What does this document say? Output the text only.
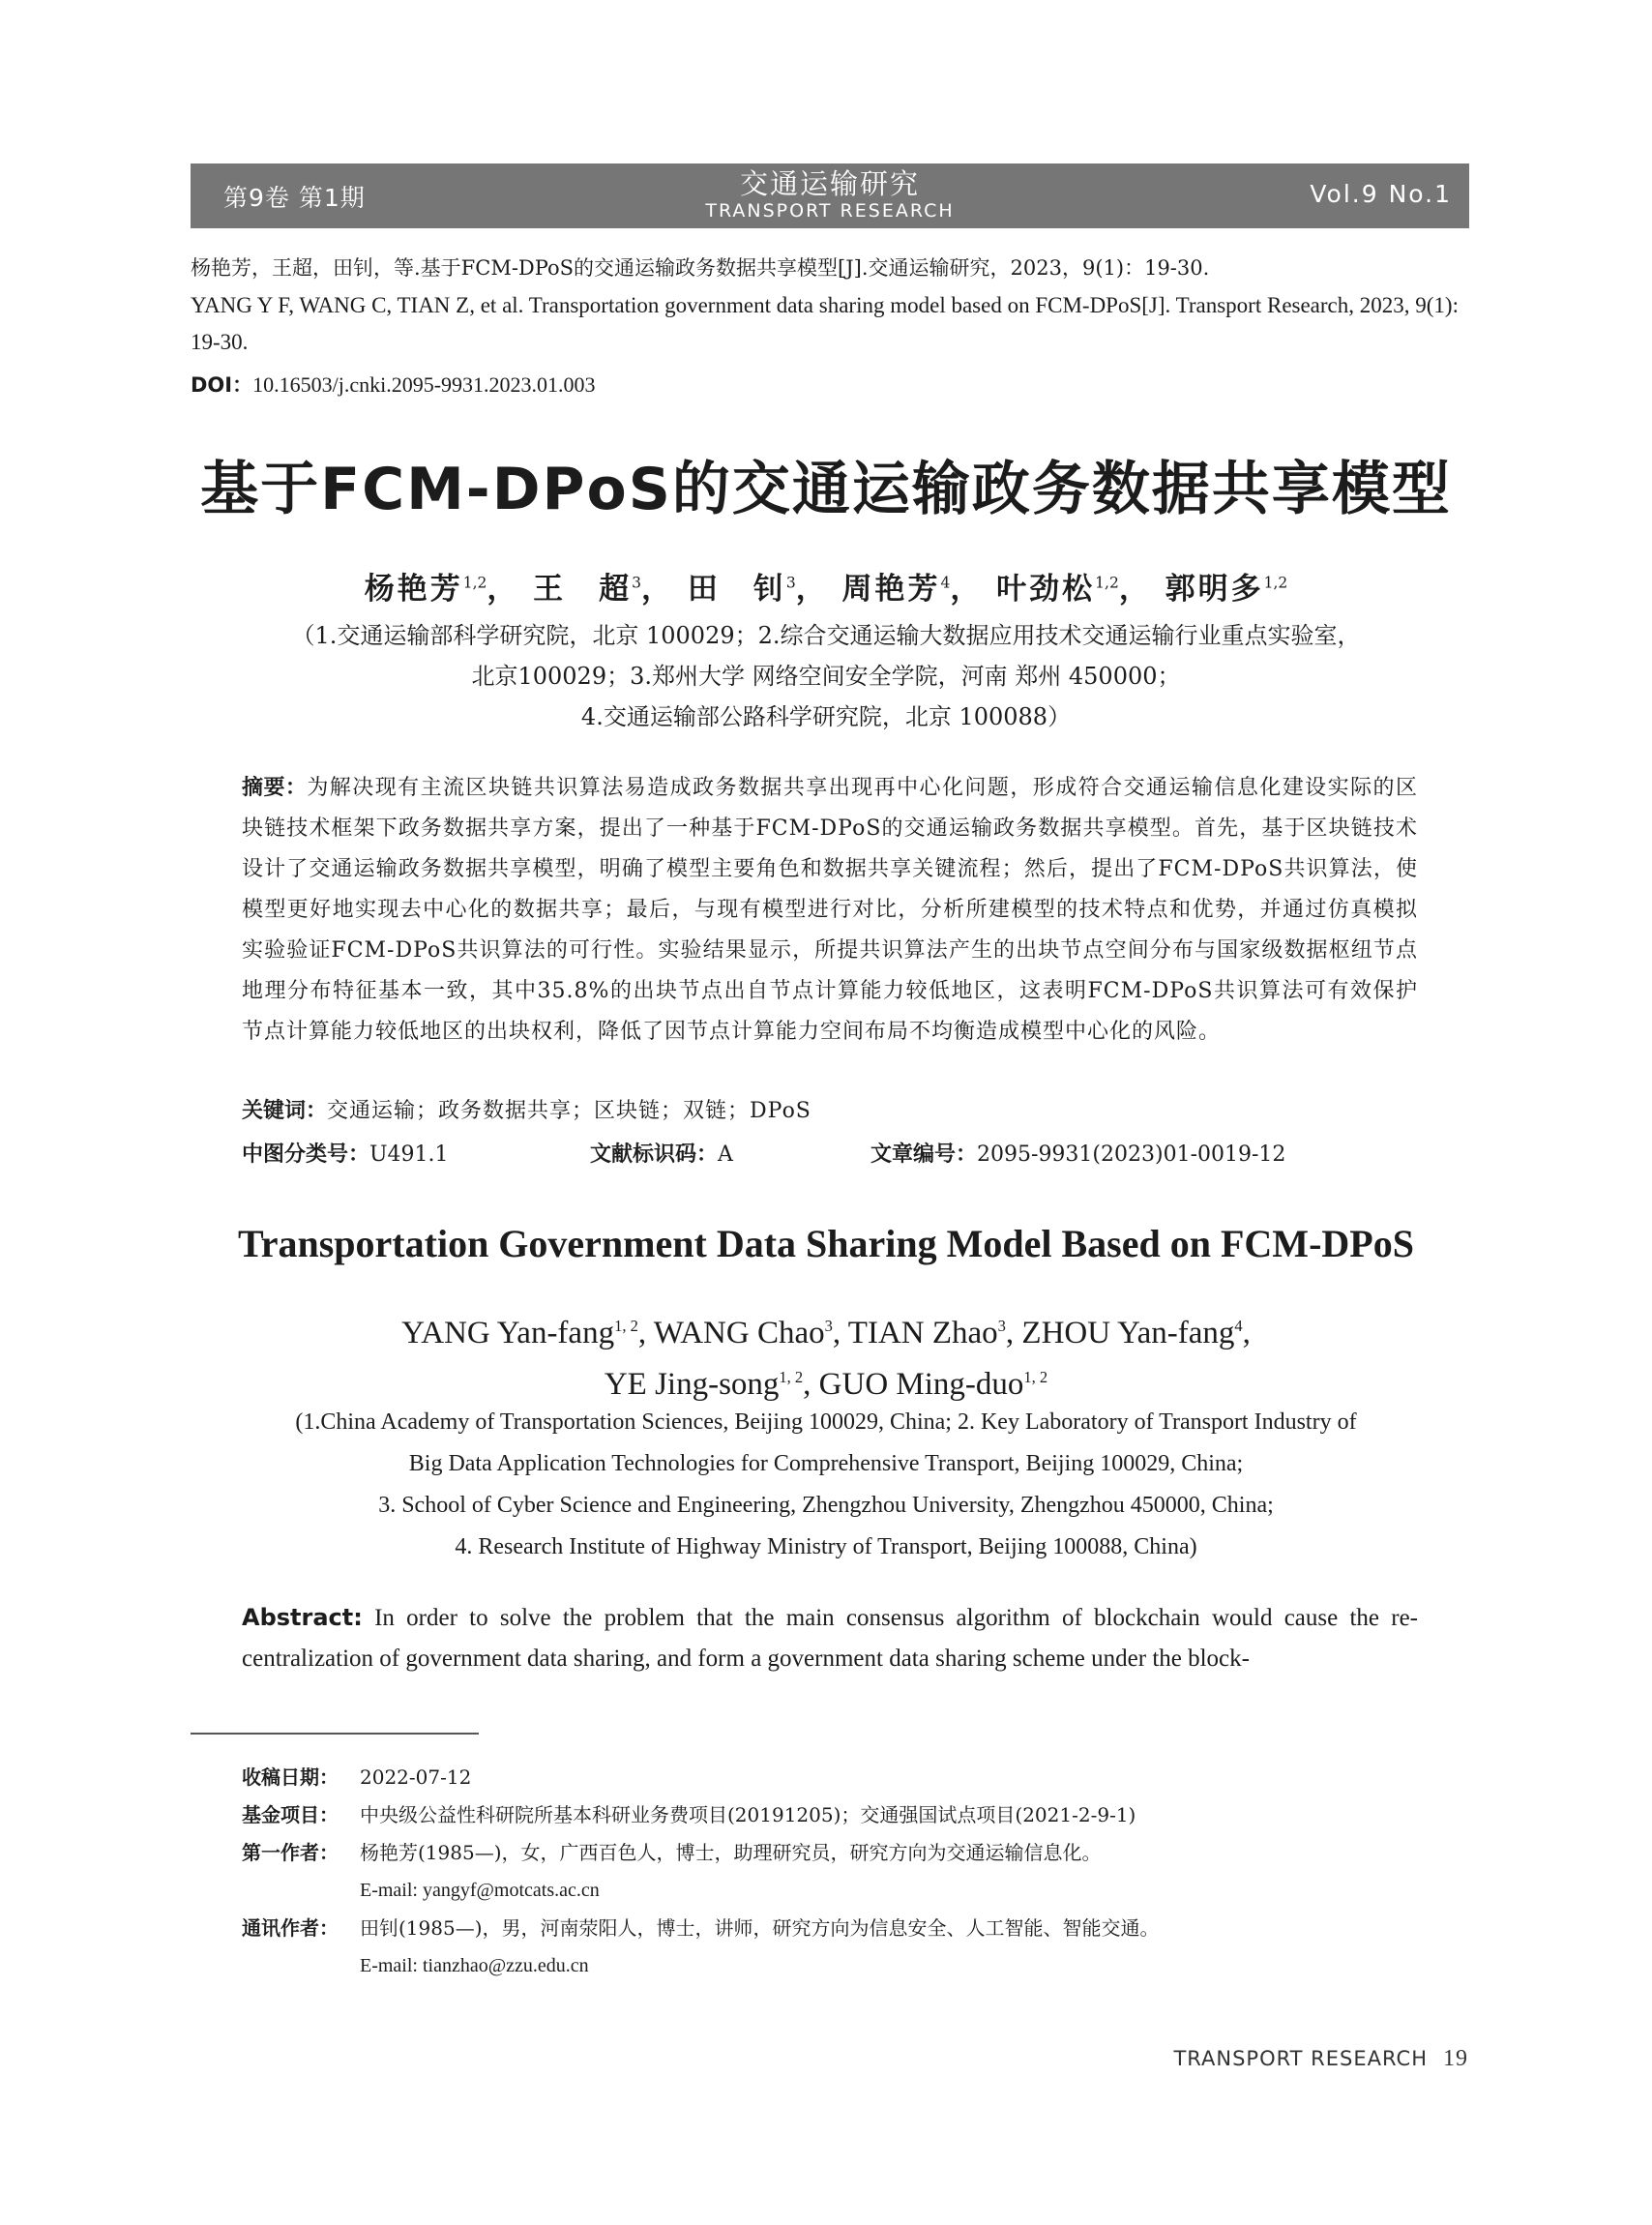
第9卷 第1期	交通运输研究
TRANSPORT RESEARCH
Vol.9 No.1
杨艳芳，王超，田钊，等.基于FCM-DPoS的交通运输政务数据共享模型[J].交通运输研究，2023，9(1)：19-30.
YANG Y F, WANG C, TIAN Z, et al. Transportation government data sharing model based on FCM-DPoS[J]. Transport Research, 2023, 9(1): 19-30.
DOI：10.16503/j.cnki.2095-9931.2023.01.003
基于FCM-DPoS的交通运输政务数据共享模型
杨艳芳$^{1,2}$， 王　超$^3$， 田　钊$^3$， 周艳芳$^4$， 叶劲松$^{1,2}$， 郭明多$^{1,2}$
（1.交通运输部科学研究院，北京 100029；2.综合交通运输大数据应用技术交通运输行业重点实验室，
北京100029；3.郑州大学 网络空间安全学院，河南 郑州 450000；
4.交通运输部公路科学研究院，北京 100088）
摘要：为解决现有主流区块链共识算法易造成政务数据共享出现再中心化问题，形成符合交通运输信息化建设实际的区块链技术框架下政务数据共享方案，提出了一种基于FCM-DPoS的交通运输政务数据共享模型。首先，基于区块链技术设计了交通运输政务数据共享模型，明确了模型主要角色和数据共享关键流程；然后，提出了FCM-DPoS共识算法，使模型更好地实现去中心化的数据共享；最后，与现有模型进行对比，分析所建模型的技术特点和优势，并通过仿真模拟实验验证FCM-DPoS共识算法的可行性。实验结果显示，所提共识算法产生的出块节点空间分布与国家级数据枢纽节点地理分布特征基本一致，其中35.8%的出块节点出自节点计算能力较低地区，这表明FCM-DPoS共识算法可有效保护节点计算能力较低地区的出块权利，降低了因节点计算能力空间布局不均衡造成模型中心化的风险。
关键词：交通运输；政务数据共享；区块链；双链；DPoS
中图分类号：U491.1	文献标识码：A	文章编号：2095-9931(2023)01-0019-12
Transportation Government Data Sharing Model Based on FCM-DPoS
YANG Yan-fang$^{1, 2}$, WANG Chao$^3$, TIAN Zhao$^3$, ZHOU Yan-fang$^4$,
YE Jing-song$^{1, 2}$, GUO Ming-duo$^{1, 2}$
(1.China Academy of Transportation Sciences, Beijing 100029, China; 2. Key Laboratory of Transport Industry of
Big Data Application Technologies for Comprehensive Transport, Beijing 100029, China;
3. School of Cyber Science and Engineering, Zhengzhou University, Zhengzhou 450000, China;
4. Research Institute of Highway Ministry of Transport, Beijing 100088, China)
Abstract: In order to solve the problem that the main consensus algorithm of blockchain would cause the re-centralization of government data sharing, and form a government data sharing scheme under the block-
收稿日期：	2022-07-12
基金项目：	中央级公益性科研院所基本科研业务费项目(20191205)；交通强国试点项目(2021-2-9-1)
第一作者：	杨艳芳(1985—)，女，广西百色人，博士，助理研究员，研究方向为交通运输信息化。
E-mail: yangyf@motcats.ac.cn
通讯作者：	田钊(1985—)，男，河南荥阳人，博士，讲师，研究方向为信息安全、人工智能、智能交通。
E-mail: tianzhao@zzu.edu.cn
TRANSPORT RESEARCH 19
